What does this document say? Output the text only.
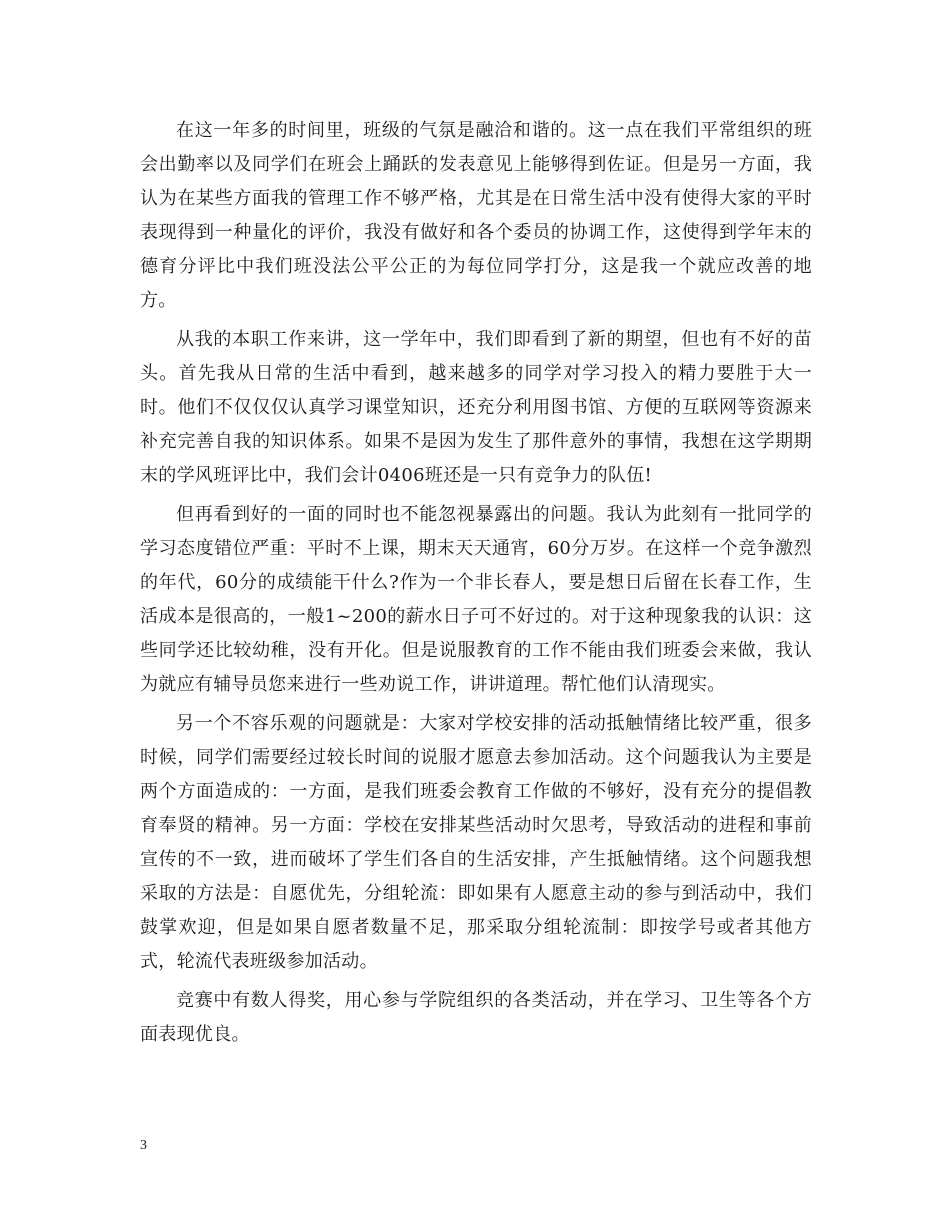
在这一年多的时间里，班级的气氛是融洽和谐的。这一点在我们平常组织的班会出勤率以及同学们在班会上踊跃的发表意见上能够得到佐证。但是另一方面，我认为在某些方面我的管理工作不够严格，尤其是在日常生活中没有使得大家的平时表现得到一种量化的评价，我没有做好和各个委员的协调工作，这使得到学年末的德育分评比中我们班没法公平公正的为每位同学打分，这是我一个就应改善的地方。

从我的本职工作来讲，这一学年中，我们即看到了新的期望，但也有不好的苗头。首先我从日常的生活中看到，越来越多的同学对学习投入的精力要胜于大一时。他们不仅仅仅认真学习课堂知识，还充分利用图书馆、方便的互联网等资源来补充完善自我的知识体系。如果不是因为发生了那件意外的事情，我想在这学期期末的学风班评比中，我们会计0406班还是一只有竞争力的队伍!

但再看到好的一面的同时也不能忽视暴露出的问题。我认为此刻有一批同学的学习态度错位严重：平时不上课，期末天天通宵，60分万岁。在这样一个竞争激烈的年代，60分的成绩能干什么?作为一个非长春人，要是想日后留在长春工作，生活成本是很高的，一般1~200的薪水日子可不好过的。对于这种现象我的认识：这些同学还比较幼稚，没有开化。但是说服教育的工作不能由我们班委会来做，我认为就应有辅导员您来进行一些劝说工作，讲讲道理。帮忙他们认清现实。

另一个不容乐观的问题就是：大家对学校安排的活动抵触情绪比较严重，很多时候，同学们需要经过较长时间的说服才愿意去参加活动。这个问题我认为主要是两个方面造成的：一方面，是我们班委会教育工作做的不够好，没有充分的提倡教育奉贤的精神。另一方面：学校在安排某些活动时欠思考，导致活动的进程和事前宣传的不一致，进而破坏了学生们各自的生活安排，产生抵触情绪。这个问题我想采取的方法是：自愿优先，分组轮流：即如果有人愿意主动的参与到活动中，我们鼓掌欢迎，但是如果自愿者数量不足，那采取分组轮流制：即按学号或者其他方式，轮流代表班级参加活动。

竞赛中有数人得奖，用心参与学院组织的各类活动，并在学习、卫生等各个方面表现优良。

3
